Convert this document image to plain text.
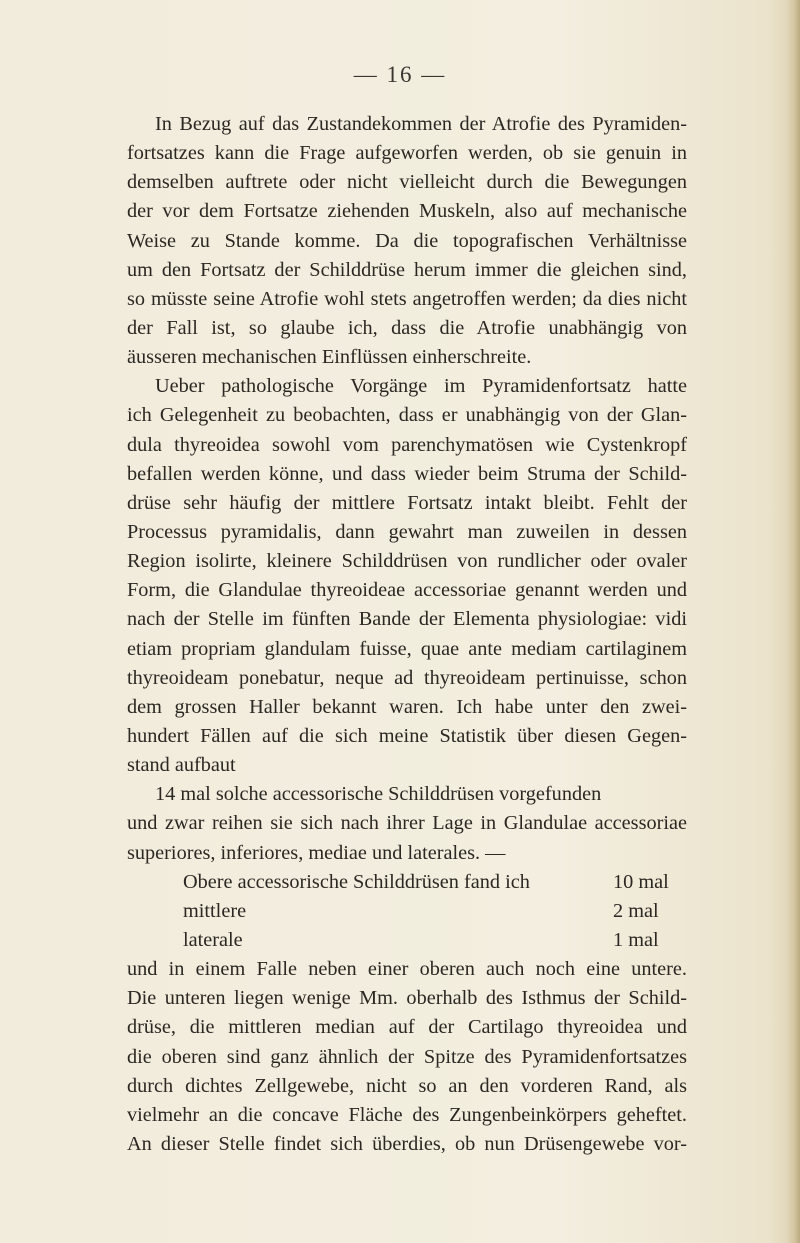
— 16 —
In Bezug auf das Zustandekommen der Atrofie des Pyramiden-
fortsatzes kann die Frage aufgeworfen werden, ob sie genuin in
demselben auftrete oder nicht vielleicht durch die Bewegungen
der vor dem Fortsatze ziehenden Muskeln, also auf mechanische
Weise zu Stande komme. Da die topografischen Verhältnisse
um den Fortsatz der Schilddrüse herum immer die gleichen sind,
so müsste seine Atrofie wohl stets angetroffen werden; da dies nicht
der Fall ist, so glaube ich, dass die Atrofie unabhängig von
äusseren mechanischen Einflüssen einherschreite.
Ueber pathologische Vorgänge im Pyramidenfortsatz hatte
ich Gelegenheit zu beobachten, dass er unabhängig von der Glan-
dula thyreoidea sowohl vom parenchymatösen wie Cystenkropf
befallen werden könne, und dass wieder beim Struma der Schild-
drüse sehr häufig der mittlere Fortsatz intakt bleibt. Fehlt der
Processus pyramidalis, dann gewahrt man zuweilen in dessen
Region isolirte, kleinere Schilddrüsen von rundlicher oder ovaler
Form, die Glandulae thyreoideae accessoriae genannt werden und
nach der Stelle im fünften Bande der Elementa physiologiae: vidi
etiam propriam glandulam fuisse, quae ante mediam cartilaginem
thyreoideam ponebatur, neque ad thyreoideam pertinuisse, schon
dem grossen Haller bekannt waren. Ich habe unter den zwei-
hundert Fällen auf die sich meine Statistik über diesen Gegen-
stand aufbaut
14 mal solche accessorische Schilddrüsen vorgefunden
und zwar reihen sie sich nach ihrer Lage in Glandulae accessoriae
superiores, inferiores, mediae und laterales. —
Obere accessorische Schilddrüsen fand ich	10 mal
mittlere	2 mal
laterale	1 mal
und in einem Falle neben einer oberen auch noch eine untere.
Die unteren liegen wenige Mm. oberhalb des Isthmus der Schild-
drüse, die mittleren median auf der Cartilago thyreoidea und
die oberen sind ganz ähnlich der Spitze des Pyramidenfortsatzes
durch dichtes Zellgewebe, nicht so an den vorderen Rand, als
vielmehr an die concave Fläche des Zungenbeinkörpers geheftet.
An dieser Stelle findet sich überdies, ob nun Drüsengewebe vor-
